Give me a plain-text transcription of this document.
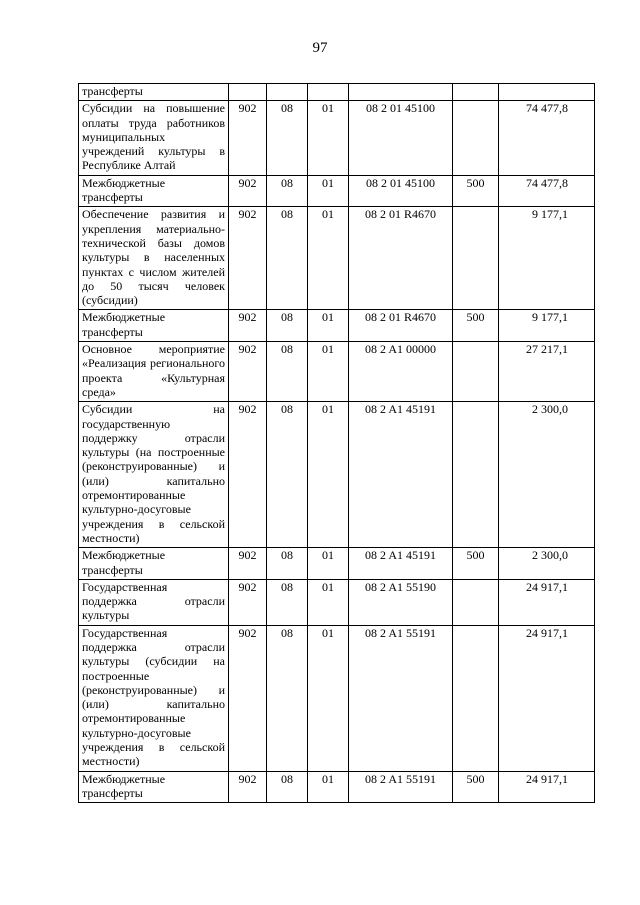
97
трансферты						
Субсидии на повышение оплаты труда работников муниципальных учреждений культуры в Республике Алтай	902	08	01	08 2 01 45100		74 477,8
Межбюджетные трансферты	902	08	01	08 2 01 45100	500	74 477,8
Обеспечение развития и укрепления материально-технической базы домов культуры в населенных пунктах с числом жителей до 50 тысяч человек (субсидии)	902	08	01	08 2 01 R4670		9 177,1
Межбюджетные трансферты	902	08	01	08 2 01 R4670	500	9 177,1
Основное мероприятие «Реализация регионального проекта «Культурная среда»	902	08	01	08 2 A1 00000		27 217,1
Субсидии на государственную поддержку отрасли культуры (на построенные (реконструированные) и (или) капитально отремонтированные культурно-досуговые учреждения в сельской местности)	902	08	01	08 2 A1 45191		2 300,0
Межбюджетные трансферты	902	08	01	08 2 A1 45191	500	2 300,0
Государственная поддержка отрасли культуры	902	08	01	08 2 A1 55190		24 917,1
Государственная поддержка отрасли культуры (субсидии на построенные (реконструированные) и (или) капитально отремонтированные культурно-досуговые учреждения в сельской местности)	902	08	01	08 2 A1 55191		24 917,1
Межбюджетные трансферты	902	08	01	08 2 A1 55191	500	24 917,1
